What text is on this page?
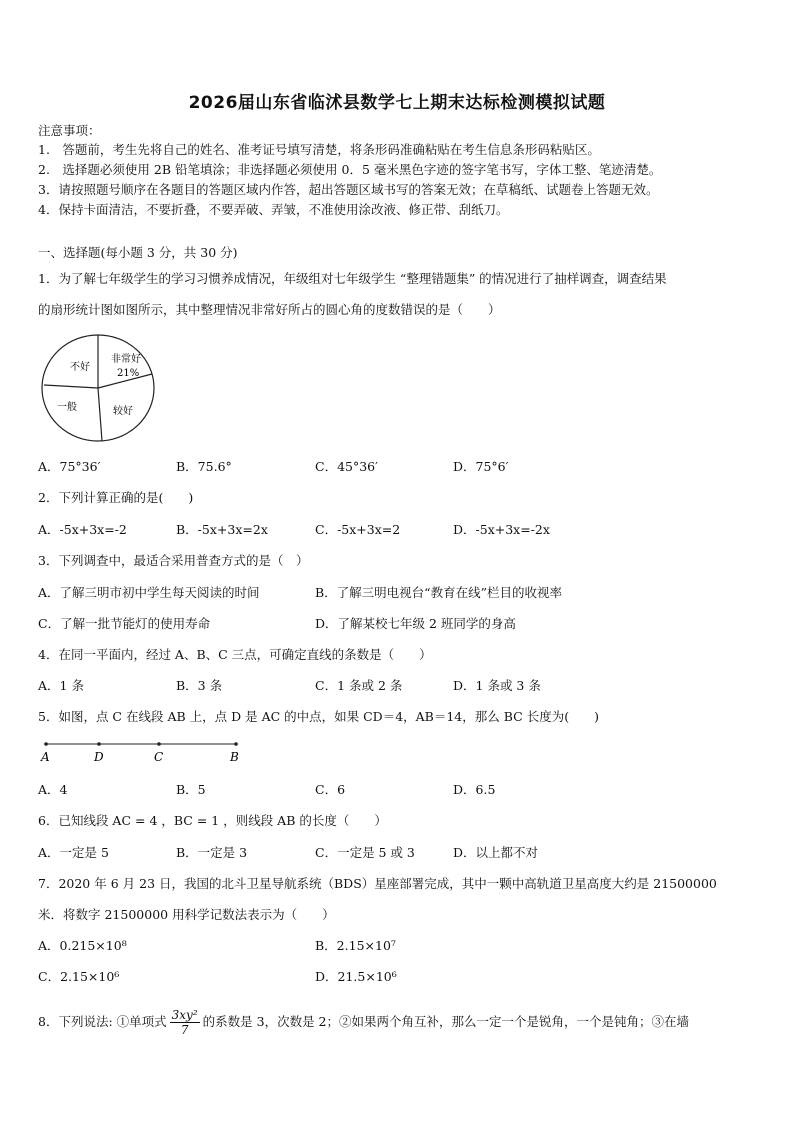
2026届山东省临沭县数学七上期末达标检测模拟试题
注意事项：
1.　答题前，考生先将自己的姓名、准考证号填写清楚，将条形码准确粘贴在考生信息条形码粘贴区。
2.　选择题必须使用 2B 铅笔填涂；非选择题必须使用 0．5 毫米黑色字迹的签字笔书写，字体工整、笔迹清楚。
3．请按照题号顺序在各题目的答题区域内作答，超出答题区域书写的答案无效；在草稿纸、试题卷上答题无效。
4．保持卡面清洁，不要折叠，不要弄破、弄皱，不准使用涂改液、修正带、刮纸刀。
一、选择题(每小题 3 分，共 30 分)
1．为了解七年级学生的学习习惯养成情况，年级组对七年级学生 “整理错题集” 的情况进行了抽样调查，调查结果
的扇形统计图如图所示，其中整理情况非常好所占的圆心角的度数错误的是（　　）
不好
非常好
21%
一般	较好
A．75°36′	B．75.6°	C．45°36′	D．75°6′
2．下列计算正确的是(　　)
A．-5x+3x=-2	B．-5x+3x=2x	C．-5x+3x=2	D．-5x+3x=-2x
3．下列调查中，最适合采用普查方式的是（　）
A．了解三明市初中学生每天阅读的时间	B．了解三明电视台“教育在线”栏目的收视率
C．了解一批节能灯的使用寿命	D．了解某校七年级 2 班同学的身高
4．在同一平面内，经过 A、B、C 三点，可确定直线的条数是（　　）
A．1 条	B．3 条	C．1 条或 2 条	D．1 条或 3 条
5．如图，点 C 在线段 AB 上，点 D 是 AC 的中点，如果 CD＝4，AB＝14，那么 BC 长度为(　　)
A	D	C	B
A．4	B．5	C．6	D．6.5
6．已知线段 AC = 4 ，BC = 1 ，则线段 AB 的长度（　　）
A．一定是 5	B．一定是 3	C．一定是 5 或 3	D．以上都不对
7．2020 年 6 月 23 日，我国的北斗卫星导航系统（BDS）星座部署完成，其中一颗中高轨道卫星高度大约是 21500000
米．将数字 21500000 用科学记数法表示为（　　）
A．0.215×10⁸	B．2.15×10⁷
C．2.15×10⁶	D．21.5×10⁶
8．下列说法: ①单项式 $\frac{\text{3xy²}}{7}$ 的系数是 3，次数是 2；②如果两个角互补，那么一定一个是锐角，一个是钝角；③在墙
